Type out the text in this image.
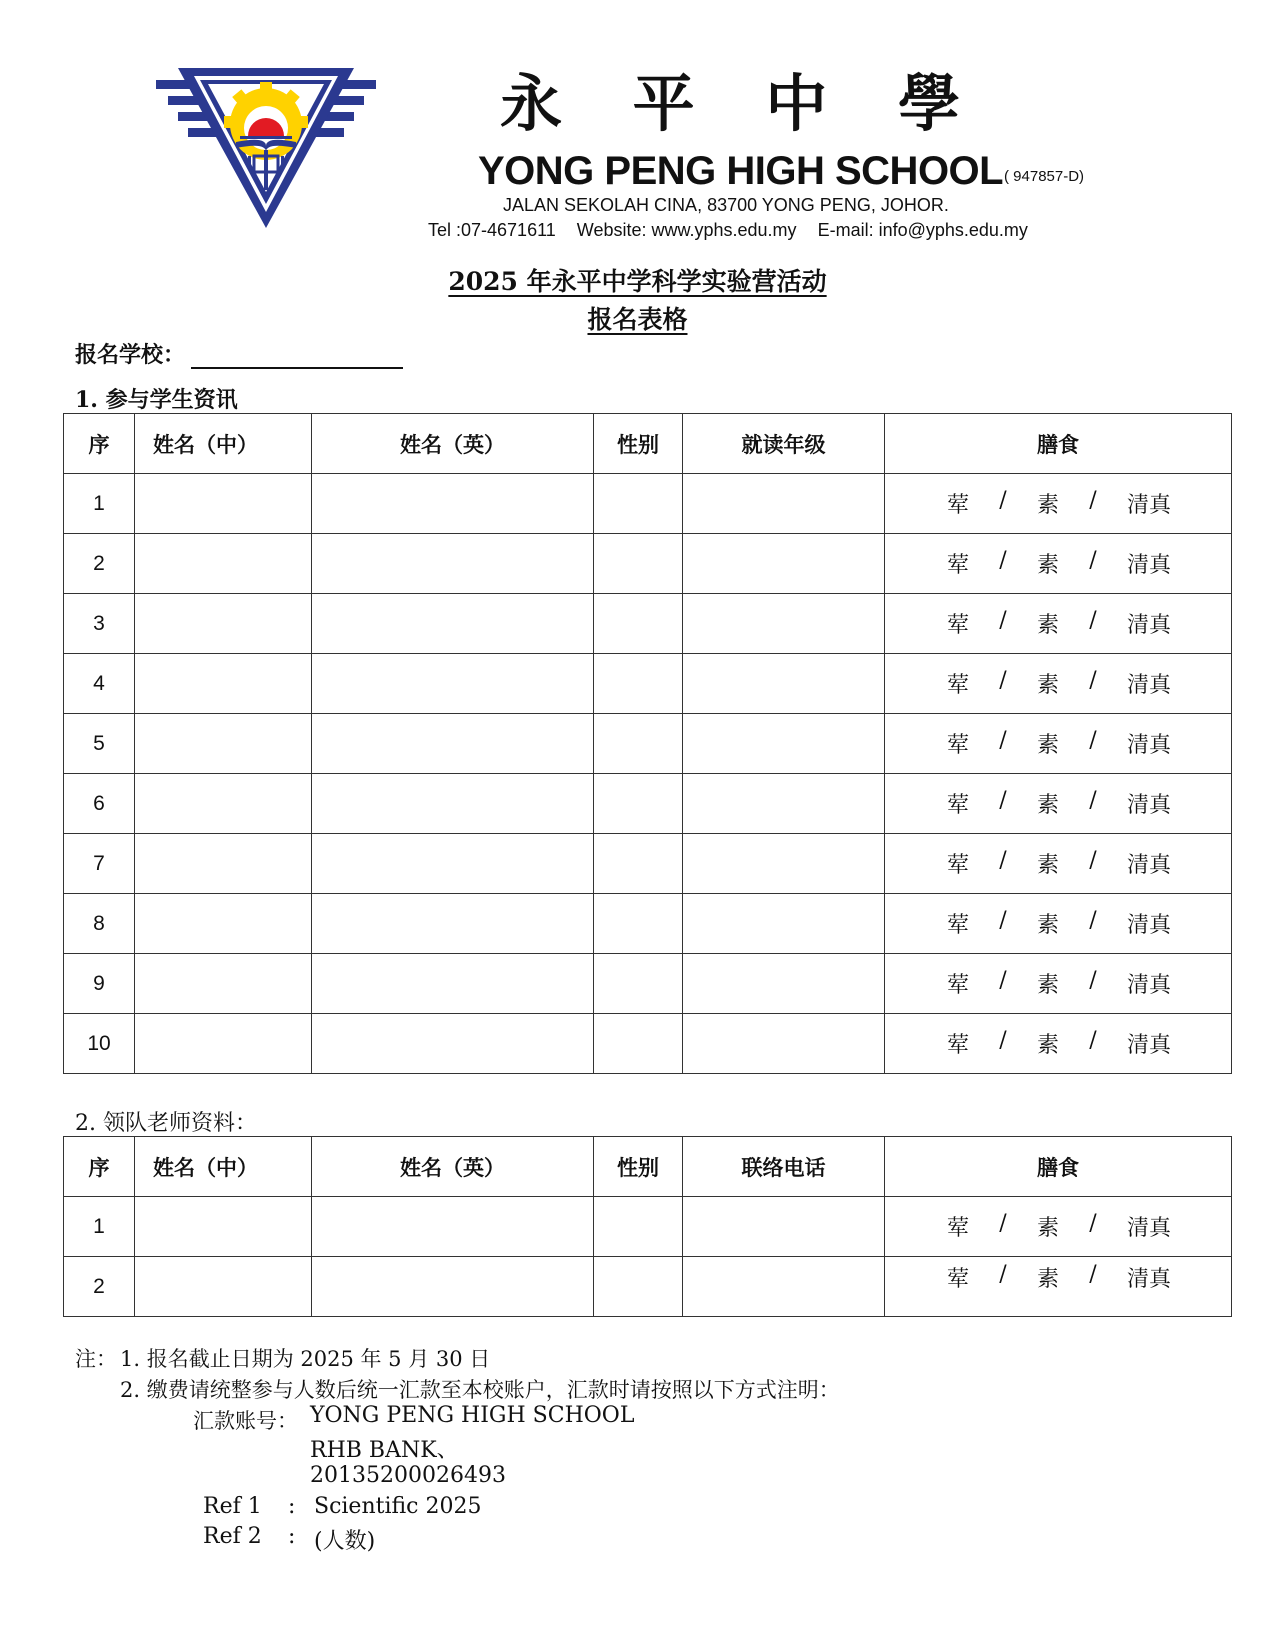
永 平 中 學
YONG PENG HIGH SCHOOL ( 947857-D)
JALAN SEKOLAH CINA, 83700 YONG PENG, JOHOR.
Tel :07-4671611 Website: www.yphs.edu.my E-mail: info@yphs.edu.my
2025 年永平中学科学实验营活动
报名表格
报名学校：
1. 参与学生资讯
序	姓名（中）	姓名（英）	性别	就读年级	膳食
1					荤 / 素 / 清真

2					荤 / 素 / 清真

3					荤 / 素 / 清真

4					荤 / 素 / 清真

5					荤 / 素 / 清真

6					荤 / 素 / 清真

7					荤 / 素 / 清真

8					荤 / 素 / 清真

9					荤 / 素 / 清真

10					荤 / 素 / 清真
2. 领队老师资料：
序	姓名（中）	姓名（英）	性别	联络电话	膳食
1					荤 / 素 / 清真

2					荤 / 素 / 清真
注： 1. 报名截止日期为 2025 年 5 月 30 日
2. 缴费请统整参与人数后统一汇款至本校账户，汇款时请按照以下方式注明：
汇款账号： YONG PENG HIGH SCHOOL
RHB BANK、
20135200026493
Ref 1 : Scientific 2025
Ref 2 : (人数)
